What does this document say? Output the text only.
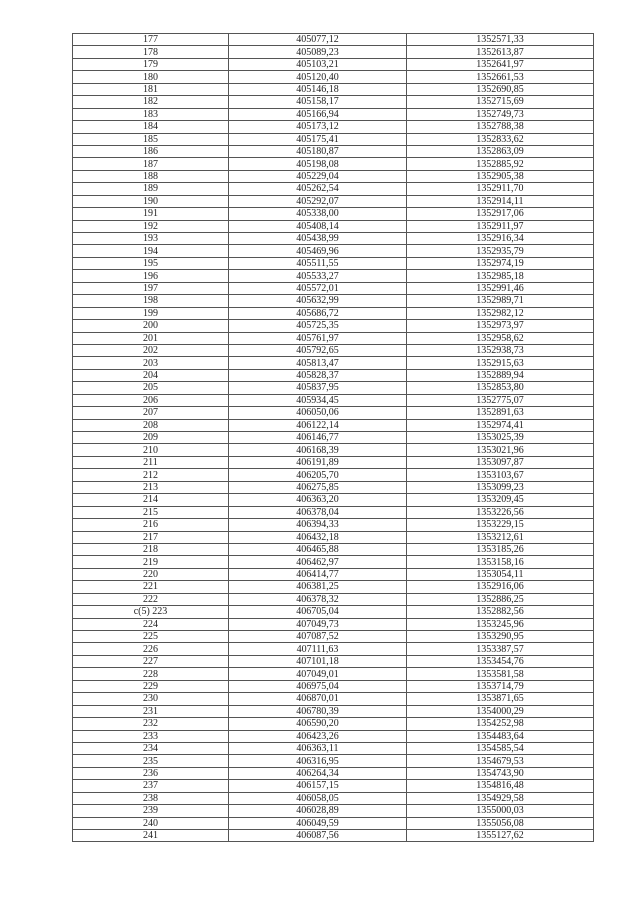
177	405077,12	1352571,33
178	405089,23	1352613,87
179	405103,21	1352641,97
180	405120,40	1352661,53
181	405146,18	1352690,85
182	405158,17	1352715,69
183	405166,94	1352749,73
184	405173,12	1352788,38
185	405175,41	1352833,62
186	405180,87	1352863,09
187	405198,08	1352885,92
188	405229,04	1352905,38
189	405262,54	1352911,70
190	405292,07	1352914,11
191	405338,00	1352917,06
192	405408,14	1352911,97
193	405438,99	1352916,34
194	405469,96	1352935,79
195	405511,55	1352974,19
196	405533,27	1352985,18
197	405572,01	1352991,46
198	405632,99	1352989,71
199	405686,72	1352982,12
200	405725,35	1352973,97
201	405761,97	1352958,62
202	405792,65	1352938,73
203	405813,47	1352915,63
204	405828,37	1352889,94
205	405837,95	1352853,80
206	405934,45	1352775,07
207	406050,06	1352891,63
208	406122,14	1352974,41
209	406146,77	1353025,39
210	406168,39	1353021,96
211	406191,89	1353097,87
212	406205,70	1353103,67
213	406275,85	1353099,23
214	406363,20	1353209,45
215	406378,04	1353226,56
216	406394,33	1353229,15
217	406432,18	1353212,61
218	406465,88	1353185,26
219	406462,97	1353158,16
220	406414,77	1353054,11
221	406381,25	1352916,06
222	406378,32	1352886,25
c(5) 223	406705,04	1352882,56
224	407049,73	1353245,96
225	407087,52	1353290,95
226	407111,63	1353387,57
227	407101,18	1353454,76
228	407049,01	1353581,58
229	406975,04	1353714,79
230	406870,01	1353871,65
231	406780,39	1354000,29
232	406590,20	1354252,98
233	406423,26	1354483,64
234	406363,11	1354585,54
235	406316,95	1354679,53
236	406264,34	1354743,90
237	406157,15	1354816,48
238	406058,05	1354929,58
239	406028,89	1355000,03
240	406049,59	1355056,08
241	406087,56	1355127,62
